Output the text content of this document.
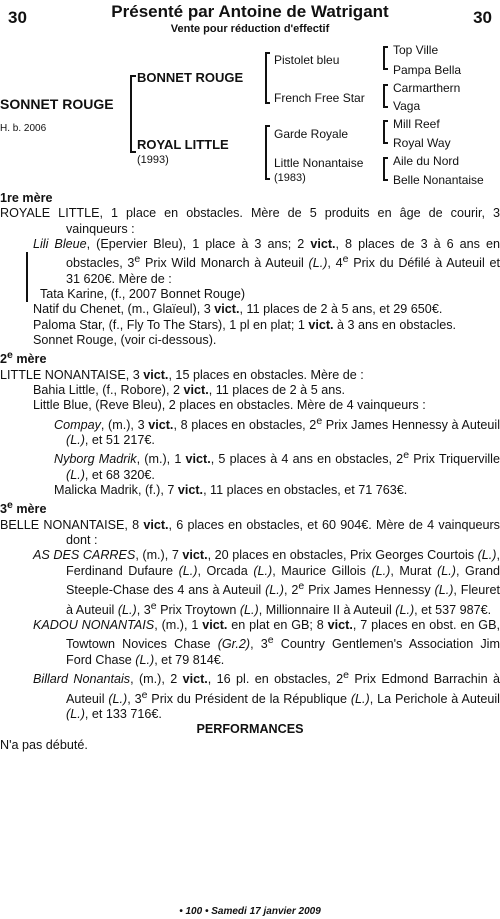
30	Présenté par Antoine de Watrigant	30
Vente pour réduction d'effectif
SONNET ROUGE
H. b. 2006
BONNET ROUGE
ROYAL LITTLE
(1993)
Pistolet bleu
French Free Star
Garde Royale
Little Nonantaise
(1983)
Top Ville
Pampa Bella
Carmarthern
Vaga
Mill Reef
Royal Way
Aile du Nord
Belle Nonantaise

1re mère

ROYALE LITTLE, 1 place en obstacles. Mère de 5 produits en âge de courir, 3 vainqueurs :

Lili Bleue, (Epervier Bleu), 1 place à 3 ans; 2 vict., 8 places de 3 à 6 ans en obstacles, 3e Prix Wild Monarch à Auteuil (L.), 4e Prix du Défilé à Auteuil et 31 620€. Mère de :

Tata Karine, (f., 2007 Bonnet Rouge)

Natif du Chenet, (m., Glaïeul), 3 vict., 11 places de 2 à 5 ans, et 29 650€.

Paloma Star, (f., Fly To The Stars), 1 pl en plat; 1 vict. à 3 ans en obstacles.

Sonnet Rouge, (voir ci-dessous).

2e mère

LITTLE NONANTAISE, 3 vict., 15 places en obstacles. Mère de :

Bahia Little, (f., Robore), 2 vict., 11 places de 2 à 5 ans.

Little Blue, (Reve Bleu), 2 places en obstacles. Mère de 4 vainqueurs :

Compay, (m.), 3 vict., 8 places en obstacles, 2e Prix James Hennessy à Auteuil (L.), et 51 217€.

Nyborg Madrik, (m.), 1 vict., 5 places à 4 ans en obstacles, 2e Prix Triquerville (L.), et 68 320€.

Malicka Madrik, (f.), 7 vict., 11 places en obstacles, et 71 763€.

3e mère

BELLE NONANTAISE, 8 vict., 6 places en obstacles, et 60 904€. Mère de 4 vainqueurs dont :

AS DES CARRES, (m.), 7 vict., 20 places en obstacles, Prix Georges Courtois (L.), Ferdinand Dufaure (L.), Orcada (L.), Maurice Gillois (L.), Murat (L.), Grand Steeple-Chase des 4 ans à Auteuil (L.), 2e Prix James Hennessy (L.), Fleuret à Auteuil (L.), 3e Prix Troytown (L.), Millionnaire II à Auteuil (L.), et 537 987€.

KADOU NONANTAIS, (m.), 1 vict. en plat en GB; 8 vict., 7 places en obst. en GB, Towtown Novices Chase (Gr.2), 3e Country Gentlemen's Association Jim Ford Chase (L.), et 79 814€.

Billard Nonantais, (m.), 2 vict., 16 pl. en obstacles, 2e Prix Edmond Barrachin à Auteuil (L.), 3e Prix du Président de la République (L.), La Perichole à Auteuil (L.), et 133 716€.

PERFORMANCES

N'a pas débuté.

• 100 • Samedi 17 janvier 2009
